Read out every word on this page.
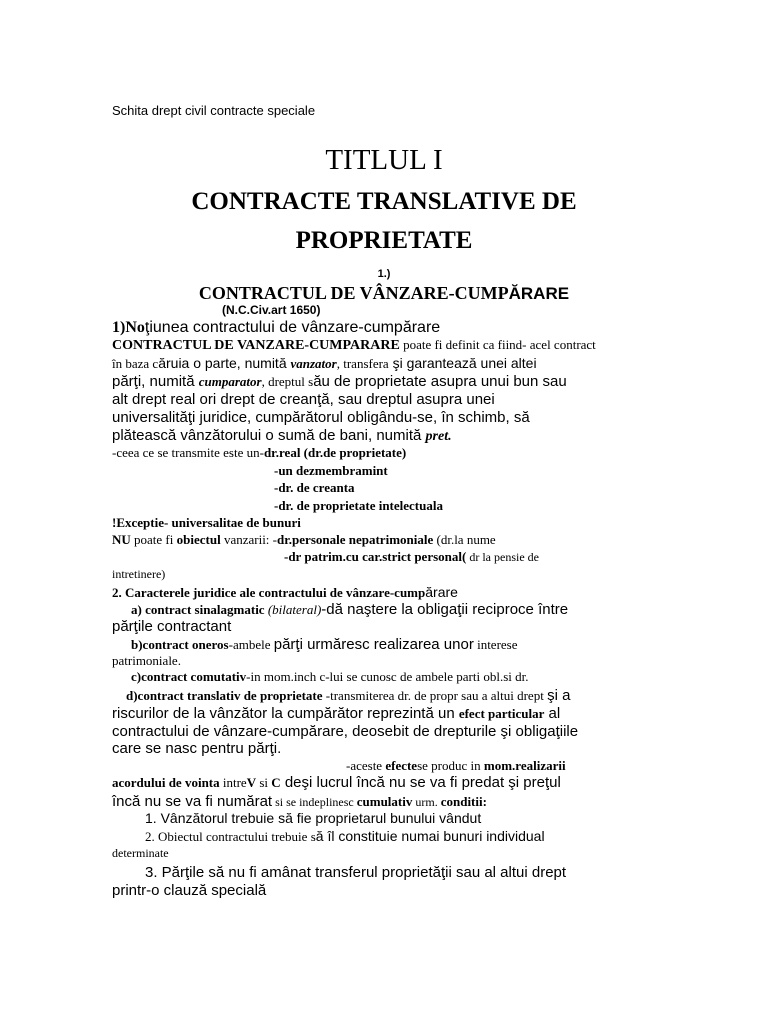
Schita drept civil contracte speciale
TITLUL I
CONTRACTE TRANSLATIVE DE
PROPRIETATE
1.)
CONTRACTUL DE VÂNZARE-CUMPĂRARE
(N.C.Civ.art 1650)
1)Noţiunea contractului de vânzare-cumpărare
CONTRACTUL DE VANZARE-CUMPARARE poate fi definit ca fiind- acel contract
în baza căruia o parte, numită vanzator, transfera şi garantează unei altei
părţi, numită cumparator, dreptul său de proprietate asupra unui bun sau
alt drept real ori drept de creanţă, sau dreptul asupra unei
universalităţi juridice, cumpărătorul obligându-se, în schimb, să
plătească vânzătorului o sumă de bani, numită pret.
-ceea ce se transmite este un-dr.real (dr.de proprietate)
-un dezmembramint
-dr. de creanta
-dr. de proprietate intelectuala
!Exceptie- universalitae de bunuri
NU poate fi obiectul vanzarii: -dr.personale nepatrimoniale (dr.la nume
-dr patrim.cu car.strict personal( dr la pensie de
intretinere)
2. Caracterele juridice ale contractului de vânzare-cumpărare
a) contract sinalagmatic (bilateral)-dă naştere la obligaţii reciproce între
părţile contractant
b)contract oneros-ambele părţi urmăresc realizarea unor interese
patrimoniale.
c)contract comutativ-in mom.inch c-lui se cunosc de ambele parti obl.si dr.
d)contract translativ de proprietate -transmiterea dr. de propr sau a altui drept şi a
riscurilor de la vânzător la cumpărător reprezintă un efect particular al
contractului de vânzare-cumpărare, deosebit de drepturile şi obligaţiile
care se nasc pentru părţi.
-aceste efectese produc in mom.realizarii
acordului de vointa intreV si C deşi lucrul încă nu se va fi predat şi preţul
încă nu se va fi numărat si se indeplinesc cumulativ urm. conditii:
1. Vânzătorul trebuie să fie proprietarul bunului vândut
2. Obiectul contractului trebuie să îl constituie numai bunuri individual
determinate
3. Părţile să nu fi amânat transferul proprietăţii sau al altui drept
printr-o clauză specială
